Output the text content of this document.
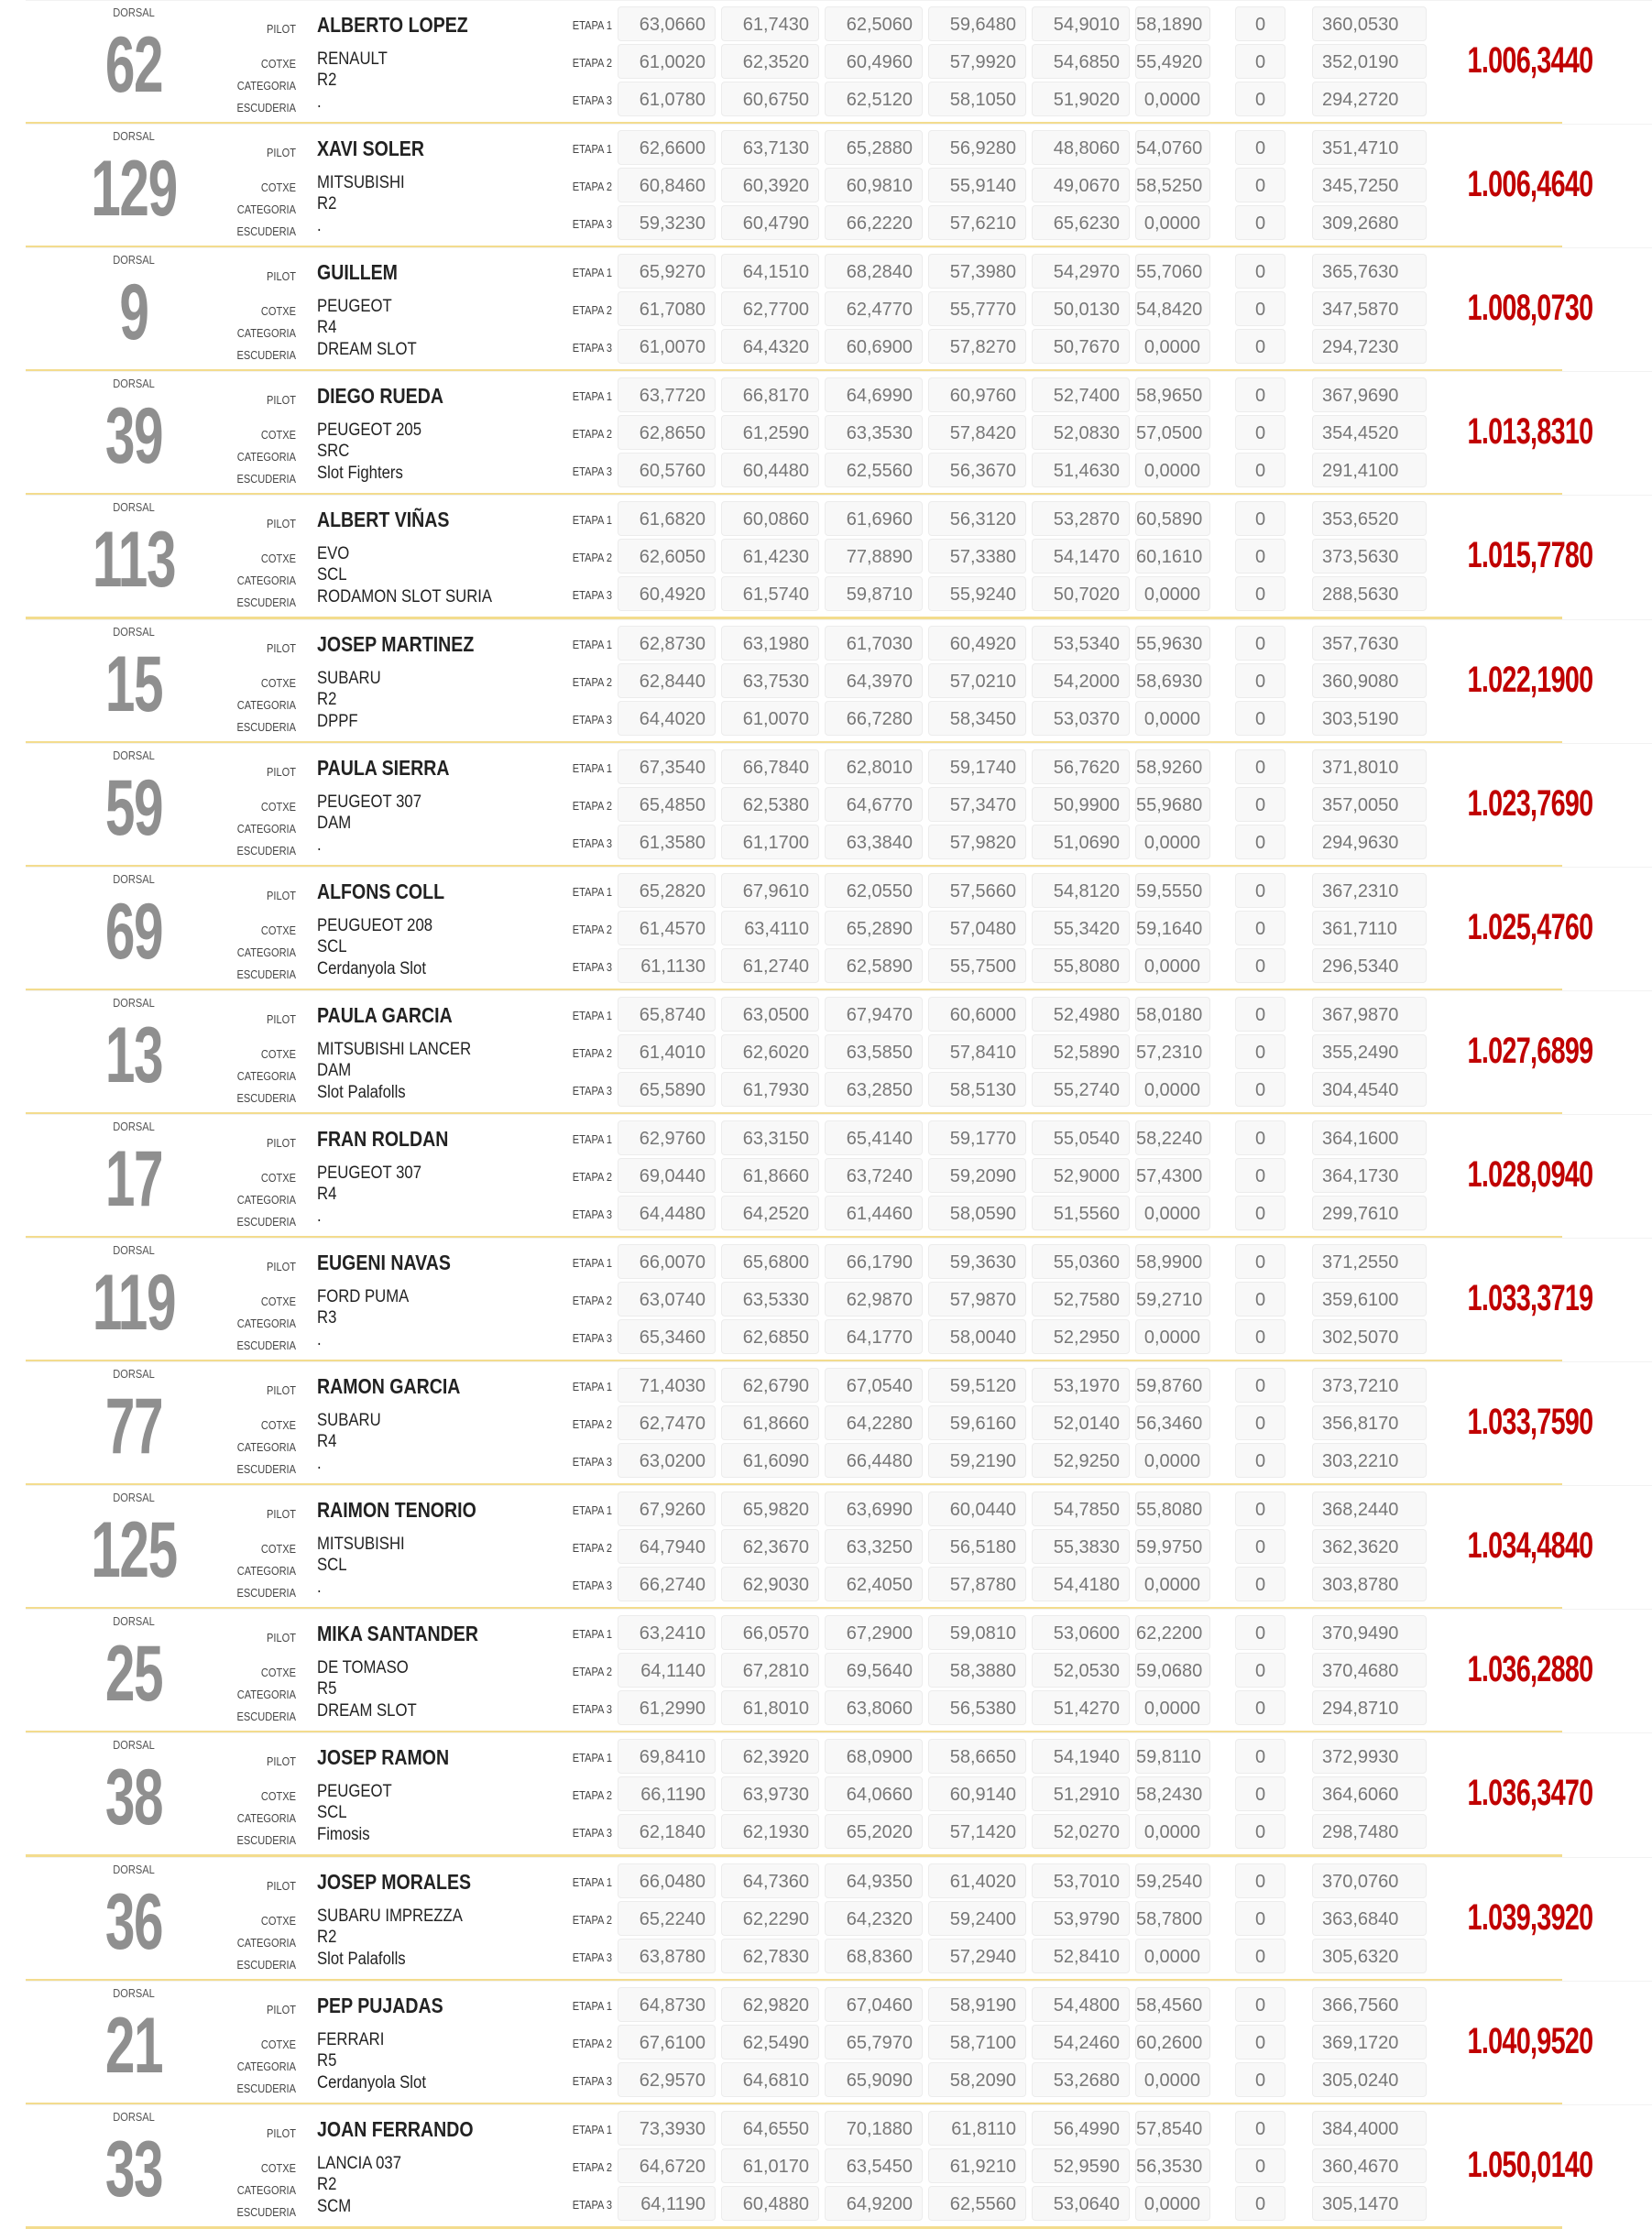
DORSAL
62	PILOT
COTXE
CATEGORIA
ESCUDERIA
ALBERTO LOPEZ
RENAULT
R2
.
ETAPA 1	63,0660	61,7430	62,5060	59,6480	54,9010 58,1890	0	360,0530
ETAPA 2	61,0020	62,3520	60,4960	57,9920	54,6850 55,4920	0	352,0190
ETAPA 3	61,0780	60,6750	62,5120	58,1050	51,9020	0,0000	0	294,2720
1.006,3440
DORSAL
129	PILOT
COTXE
CATEGORIA
ESCUDERIA
XAVI SOLER
MITSUBISHI
R2
.
ETAPA 1	62,6600	63,7130	65,2880	56,9280	48,8060 54,0760	0	351,4710
ETAPA 2	60,8460	60,3920	60,9810	55,9140	49,0670 58,5250	0	345,7250
ETAPA 3	59,3230	60,4790	66,2220	57,6210	65,6230	0,0000	0	309,2680
1.006,4640
DORSAL
9	PILOT
COTXE
CATEGORIA
ESCUDERIA
GUILLEM
PEUGEOT
R4
DREAM SLOT
ETAPA 1	65,9270	64,1510	68,2840	57,3980	54,2970 55,7060	0	365,7630
ETAPA 2	61,7080	62,7700	62,4770	55,7770	50,0130 54,8420	0	347,5870
ETAPA 3	61,0070	64,4320	60,6900	57,8270	50,7670	0,0000	0	294,7230
1.008,0730
DORSAL
39	PILOT
COTXE
CATEGORIA
ESCUDERIA
DIEGO RUEDA
PEUGEOT 205
SRC
Slot Fighters
ETAPA 1	63,7720	66,8170	64,6990	60,9760	52,7400 58,9650	0	367,9690
ETAPA 2	62,8650	61,2590	63,3530	57,8420	52,0830 57,0500	0	354,4520
ETAPA 3	60,5760	60,4480	62,5560	56,3670	51,4630	0,0000	0	291,4100
1.013,8310
DORSAL
113	PILOT
COTXE
CATEGORIA
ESCUDERIA
ALBERT VIÑAS
EVO
SCL
RODAMON SLOT SURIA
ETAPA 1	61,6820	60,0860	61,6960	56,3120	53,2870 60,5890	0	353,6520
ETAPA 2	62,6050	61,4230	77,8890	57,3380	54,1470 60,1610	0	373,5630
ETAPA 3	60,4920	61,5740	59,8710	55,9240	50,7020	0,0000	0	288,5630
1.015,7780
DORSAL
15	PILOT
COTXE
CATEGORIA
ESCUDERIA
JOSEP MARTINEZ
SUBARU
R2
DPPF
ETAPA 1	62,8730	63,1980	61,7030	60,4920	53,5340 55,9630	0	357,7630
ETAPA 2	62,8440	63,7530	64,3970	57,0210	54,2000 58,6930	0	360,9080
ETAPA 3	64,4020	61,0070	66,7280	58,3450	53,0370	0,0000	0	303,5190
1.022,1900
DORSAL
59	PILOT
COTXE
CATEGORIA
ESCUDERIA
PAULA SIERRA
PEUGEOT 307
DAM
.
ETAPA 1	67,3540	66,7840	62,8010	59,1740	56,7620 58,9260	0	371,8010
ETAPA 2	65,4850	62,5380	64,6770	57,3470	50,9900 55,9680	0	357,0050
ETAPA 3	61,3580	61,1700	63,3840	57,9820	51,0690	0,0000	0	294,9630
1.023,7690
DORSAL
69	PILOT
COTXE
CATEGORIA
ESCUDERIA
ALFONS COLL
PEUGUEOT 208
SCL
Cerdanyola Slot
ETAPA 1	65,2820	67,9610	62,0550	57,5660	54,8120 59,5550	0	367,2310
ETAPA 2	61,4570	63,4110	65,2890	57,0480	55,3420 59,1640	0	361,7110
ETAPA 3	61,1130	61,2740	62,5890	55,7500	55,8080	0,0000	0	296,5340
1.025,4760
DORSAL
13	PILOT
COTXE
CATEGORIA
ESCUDERIA
PAULA GARCIA
MITSUBISHI LANCER
DAM
Slot Palafolls
ETAPA 1	65,8740	63,0500	67,9470	60,6000	52,4980 58,0180	0	367,9870
ETAPA 2	61,4010	62,6020	63,5850	57,8410	52,5890 57,2310	0	355,2490
ETAPA 3	65,5890	61,7930	63,2850	58,5130	55,2740	0,0000	0	304,4540
1.027,6899
DORSAL
17	PILOT
COTXE
CATEGORIA
ESCUDERIA
FRAN ROLDAN
PEUGEOT 307
R4
.
ETAPA 1	62,9760	63,3150	65,4140	59,1770	55,0540 58,2240	0	364,1600
ETAPA 2	69,0440	61,8660	63,7240	59,2090	52,9000 57,4300	0	364,1730
ETAPA 3	64,4480	64,2520	61,4460	58,0590	51,5560	0,0000	0	299,7610
1.028,0940
DORSAL
119	PILOT
COTXE
CATEGORIA
ESCUDERIA
EUGENI NAVAS
FORD PUMA
R3
.
ETAPA 1	66,0070	65,6800	66,1790	59,3630	55,0360 58,9900	0	371,2550
ETAPA 2	63,0740	63,5330	62,9870	57,9870	52,7580 59,2710	0	359,6100
ETAPA 3	65,3460	62,6850	64,1770	58,0040	52,2950	0,0000	0	302,5070
1.033,3719
DORSAL
77	PILOT
COTXE
CATEGORIA
ESCUDERIA
RAMON GARCIA
SUBARU
R4
.
ETAPA 1	71,4030	62,6790	67,0540	59,5120	53,1970 59,8760	0	373,7210
ETAPA 2	62,7470	61,8660	64,2280	59,6160	52,0140 56,3460	0	356,8170
ETAPA 3	63,0200	61,6090	66,4480	59,2190	52,9250	0,0000	0	303,2210
1.033,7590
DORSAL
125	PILOT
COTXE
CATEGORIA
ESCUDERIA
RAIMON TENORIO
MITSUBISHI
SCL
.
ETAPA 1	67,9260	65,9820	63,6990	60,0440	54,7850 55,8080	0	368,2440
ETAPA 2	64,7940	62,3670	63,3250	56,5180	55,3830 59,9750	0	362,3620
ETAPA 3	66,2740	62,9030	62,4050	57,8780	54,4180	0,0000	0	303,8780
1.034,4840
DORSAL
25	PILOT
COTXE
CATEGORIA
ESCUDERIA
MIKA SANTANDER
DE TOMASO
R5
DREAM SLOT
ETAPA 1	63,2410	66,0570	67,2900	59,0810	53,0600 62,2200	0	370,9490
ETAPA 2	64,1140	67,2810	69,5640	58,3880	52,0530 59,0680	0	370,4680
ETAPA 3	61,2990	61,8010	63,8060	56,5380	51,4270	0,0000	0	294,8710
1.036,2880
DORSAL
38	PILOT
COTXE
CATEGORIA
ESCUDERIA
JOSEP RAMON
PEUGEOT
SCL
Fimosis
ETAPA 1	69,8410	62,3920	68,0900	58,6650	54,1940 59,8110	0	372,9930
ETAPA 2	66,1190	63,9730	64,0660	60,9140	51,2910 58,2430	0	364,6060
ETAPA 3	62,1840	62,1930	65,2020	57,1420	52,0270	0,0000	0	298,7480
1.036,3470
DORSAL
36	PILOT
COTXE
CATEGORIA
ESCUDERIA
JOSEP MORALES
SUBARU IMPREZZA
R2
Slot Palafolls
ETAPA 1	66,0480	64,7360	64,9350	61,4020	53,7010 59,2540	0	370,0760
ETAPA 2	65,2240	62,2290	64,2320	59,2400	53,9790 58,7800	0	363,6840
ETAPA 3	63,8780	62,7830	68,8360	57,2940	52,8410	0,0000	0	305,6320
1.039,3920
DORSAL
21	PILOT
COTXE
CATEGORIA
ESCUDERIA
PEP PUJADAS
FERRARI
R5
Cerdanyola Slot
ETAPA 1	64,8730	62,9820	67,0460	58,9190	54,4800 58,4560	0	366,7560
ETAPA 2	67,6100	62,5490	65,7970	58,7100	54,2460 60,2600	0	369,1720
ETAPA 3	62,9570	64,6810	65,9090	58,2090	53,2680	0,0000	0	305,0240
1.040,9520
DORSAL
33	PILOT
COTXE
CATEGORIA
ESCUDERIA
JOAN FERRANDO
LANCIA 037
R2
SCM
ETAPA 1	73,3930	64,6550	70,1880	61,8110	56,4990 57,8540	0	384,4000
ETAPA 2	64,6720	61,0170	63,5450	61,9210	52,9590 56,3530	0	360,4670
ETAPA 3	64,1190	60,4880	64,9200	62,5560	53,0640	0,0000	0	305,1470
1.050,0140
